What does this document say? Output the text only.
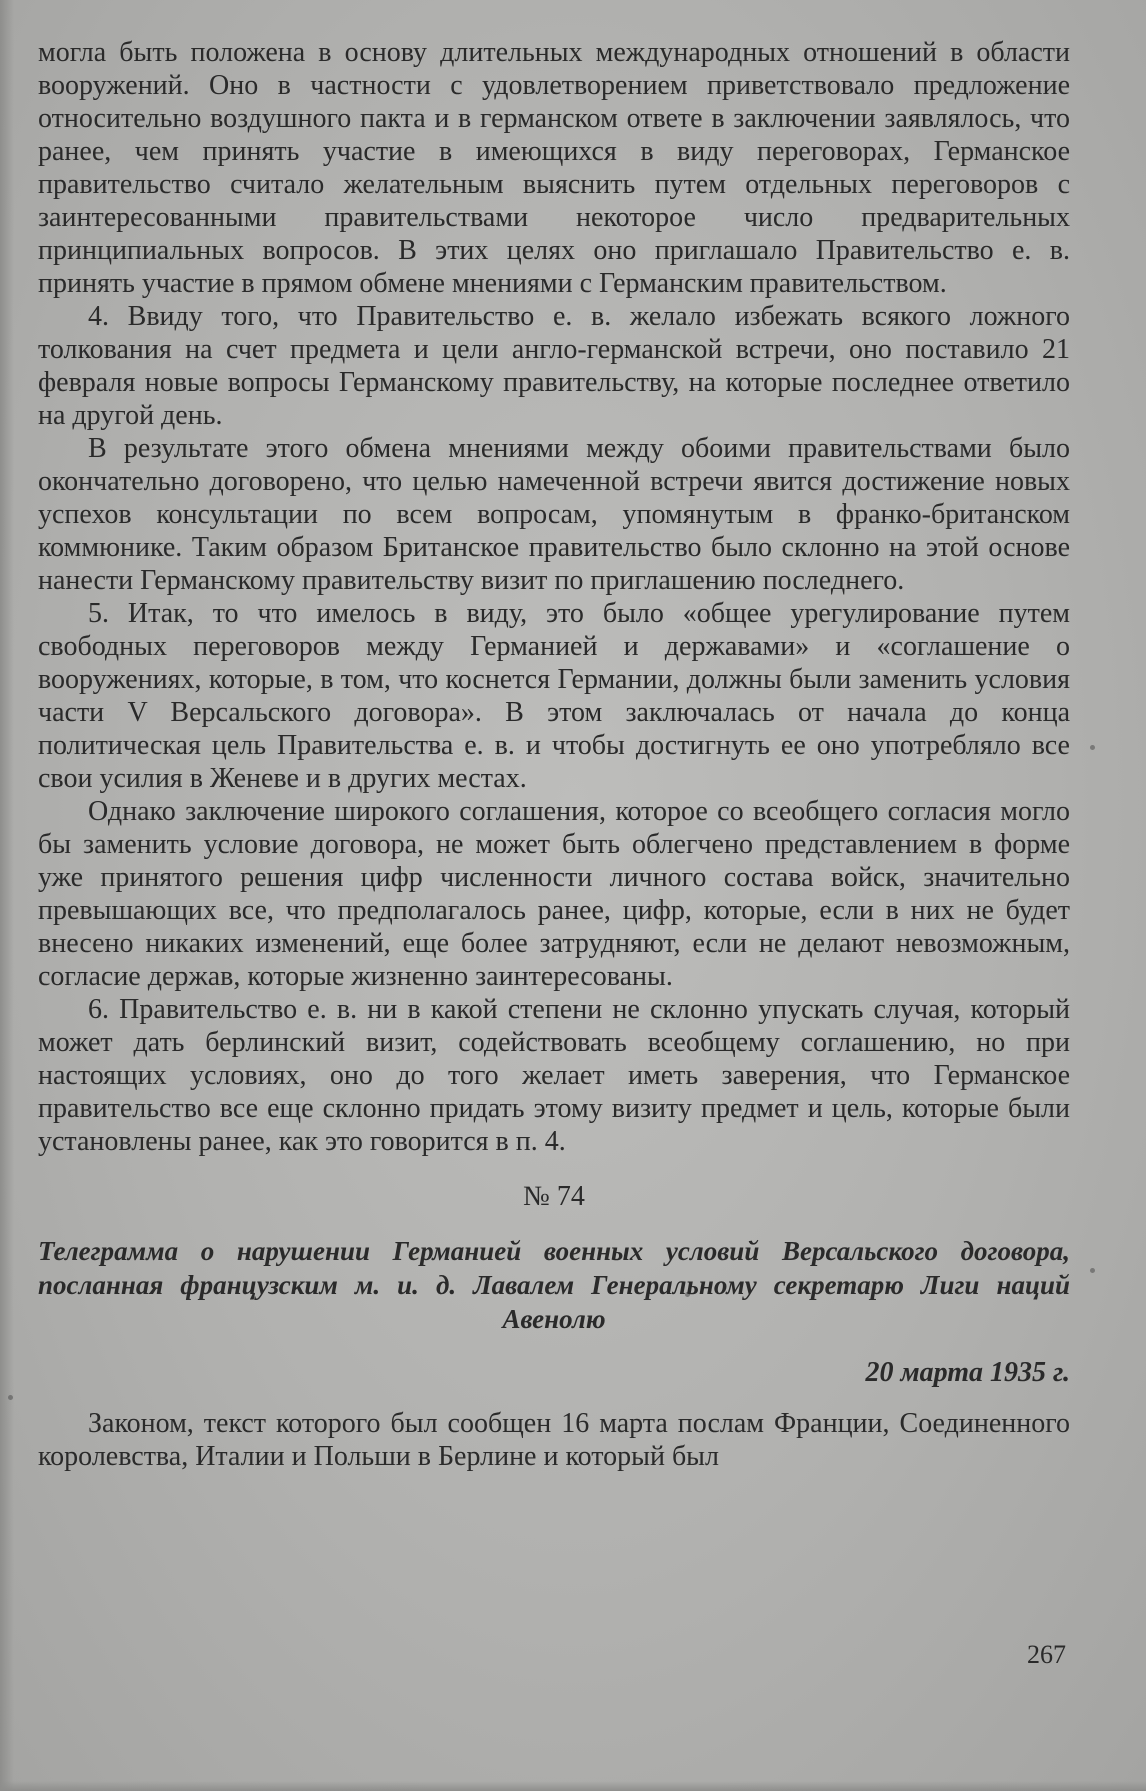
могла быть положена в основу длительных международных отношений в области вооружений. Оно в частности с удовлетворением приветствовало предложение относительно воздушного пакта и в германском ответе в заключении заявлялось, что ранее, чем принять участие в имеющихся в виду переговорах, Германское правительство считало желательным выяснить путем отдельных переговоров с заинтересованными правительствами некоторое число предварительных принципиальных вопросов. В этих целях оно приглашало Правительство е. в. принять участие в прямом обмене мнениями с Германским правительством.

4. Ввиду того, что Правительство е. в. желало избежать всякого ложного толкования на счет предмета и цели англо-германской встречи, оно поставило 21 февраля новые вопросы Германскому правительству, на которые последнее ответило на другой день.

В результате этого обмена мнениями между обоими правительствами было окончательно договорено, что целью намеченной встречи явится достижение новых успехов консультации по всем вопросам, упомянутым в франко-британском коммюнике. Таким образом Британское правительство было склонно на этой основе нанести Германскому правительству визит по приглашению последнего.

5. Итак, то что имелось в виду, это было «общее урегулирование путем свободных переговоров между Германией и державами» и «соглашение о вооружениях, которые, в том, что коснется Германии, должны были заменить условия части V Версальского договора». В этом заключалась от начала до конца политическая цель Правительства е. в. и чтобы достигнуть ее оно употребляло все свои усилия в Женеве и в других местах.

Однако заключение широкого соглашения, которое со всеобщего согласия могло бы заменить условие договора, не может быть облегчено представлением в форме уже принятого решения цифр численности личного состава войск, значительно превышающих все, что предполагалось ранее, цифр, которые, если в них не будет внесено никаких изменений, еще более затрудняют, если не делают невозможным, согласие держав, которые жизненно заинтересованы.

6. Правительство е. в. ни в какой степени не склонно упускать случая, который может дать берлинский визит, содействовать всеобщему соглашению, но при настоящих условиях, оно до того желает иметь заверения, что Германское правительство все еще склонно придать этому визиту предмет и цель, которые были установлены ранее, как это говорится в п. 4.

№ 74
Телеграмма о нарушении Германией военных условий Версальского договора, посланная французским м. и. д. Лавалем Генеральному секретарю Лиги наций Авенолю
20 марта 1935 г.

Законом, текст которого был сообщен 16 марта послам Франции, Соединенного королевства, Италии и Польши в Берлине и который был

267
